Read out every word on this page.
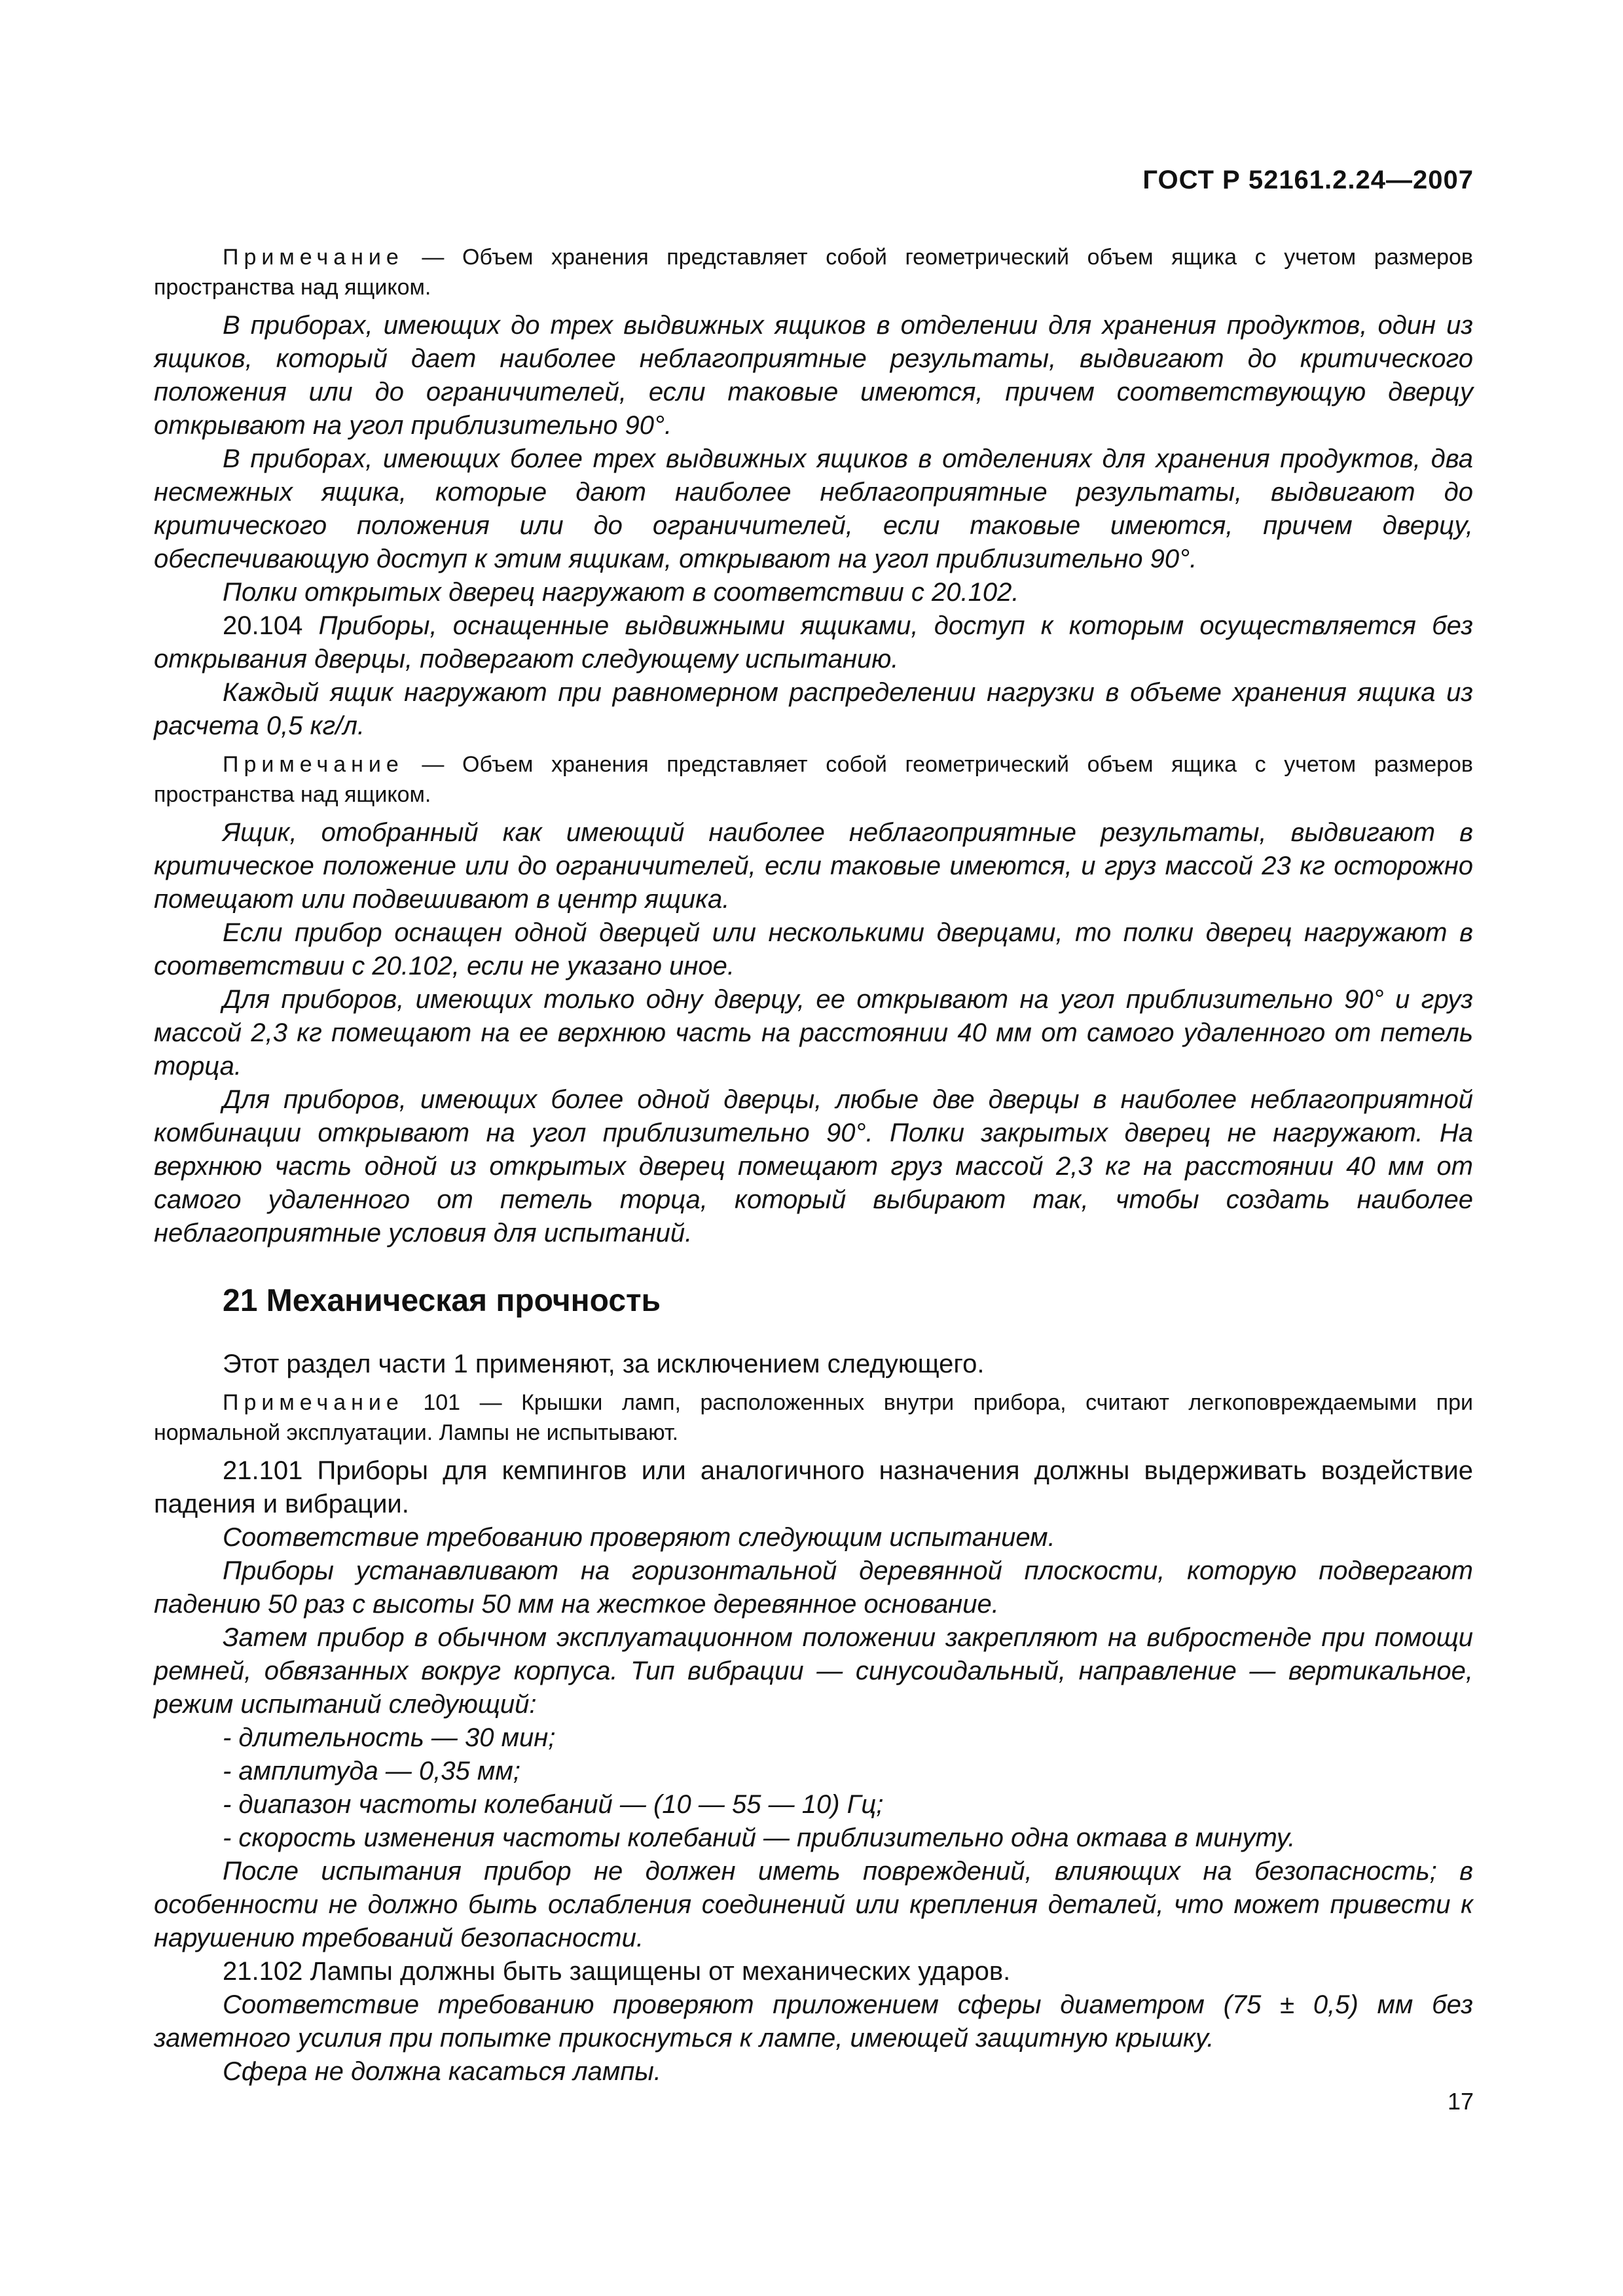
ГОСТ Р 52161.2.24—2007

Примечание — Объем хранения представляет собой геометрический объем ящика с учетом размеров пространства над ящиком.

В приборах, имеющих до трех выдвижных ящиков в отделении для хранения продуктов, один из ящиков, который дает наиболее неблагоприятные результаты, выдвигают до критического положения или до ограничителей, если таковые имеются, причем соответствующую дверцу открывают на угол приблизительно 90°.

В приборах, имеющих более трех выдвижных ящиков в отделениях для хранения продуктов, два несмежных ящика, которые дают наиболее неблагоприятные результаты, выдвигают до критического положения или до ограничителей, если таковые имеются, причем дверцу, обеспечивающую доступ к этим ящикам, открывают на угол приблизительно 90°.

Полки открытых дверец нагружают в соответствии с 20.102.

20.104 Приборы, оснащенные выдвижными ящиками, доступ к которым осуществляется без открывания дверцы, подвергают следующему испытанию.

Каждый ящик нагружают при равномерном распределении нагрузки в объеме хранения ящика из расчета 0,5 кг/л.

Примечание — Объем хранения представляет собой геометрический объем ящика с учетом размеров пространства над ящиком.

Ящик, отобранный как имеющий наиболее неблагоприятные результаты, выдвигают в критическое положение или до ограничителей, если таковые имеются, и груз массой 23 кг осторожно помещают или подвешивают в центр ящика.

Если прибор оснащен одной дверцей или несколькими дверцами, то полки дверец нагружают в соответствии с 20.102, если не указано иное.

Для приборов, имеющих только одну дверцу, ее открывают на угол приблизительно 90° и груз массой 2,3 кг помещают на ее верхнюю часть на расстоянии 40 мм от самого удаленного от петель торца.

Для приборов, имеющих более одной дверцы, любые две дверцы в наиболее неблагоприятной комбинации открывают на угол приблизительно 90°. Полки закрытых дверец не нагружают. На верхнюю часть одной из открытых дверец помещают груз массой 2,3 кг на расстоянии 40 мм от самого удаленного от петель торца, который выбирают так, чтобы создать наиболее неблагоприятные условия для испытаний.

21 Механическая прочность

Этот раздел части 1 применяют, за исключением следующего.

Примечание 101 — Крышки ламп, расположенных внутри прибора, считают легкоповреждаемыми при нормальной эксплуатации. Лампы не испытывают.

21.101 Приборы для кемпингов или аналогичного назначения должны выдерживать воздействие падения и вибрации.

Соответствие требованию проверяют следующим испытанием.

Приборы устанавливают на горизонтальной деревянной плоскости, которую подвергают падению 50 раз с высоты 50 мм на жесткое деревянное основание.

Затем прибор в обычном эксплуатационном положении закрепляют на вибростенде при помощи ремней, обвязанных вокруг корпуса. Тип вибрации — синусоидальный, направление — вертикальное, режим испытаний следующий:

- длительность — 30 мин;

- амплитуда — 0,35 мм;

- диапазон частоты колебаний — (10 — 55 — 10) Гц;

- скорость изменения частоты колебаний — приблизительно одна октава в минуту.

После испытания прибор не должен иметь повреждений, влияющих на безопасность; в особенности не должно быть ослабления соединений или крепления деталей, что может привести к нарушению требований безопасности.

21.102 Лампы должны быть защищены от механических ударов.

Соответствие требованию проверяют приложением сферы диаметром (75 ± 0,5) мм без заметного усилия при попытке прикоснуться к лампе, имеющей защитную крышку.

Сфера не должна касаться лампы.

17
